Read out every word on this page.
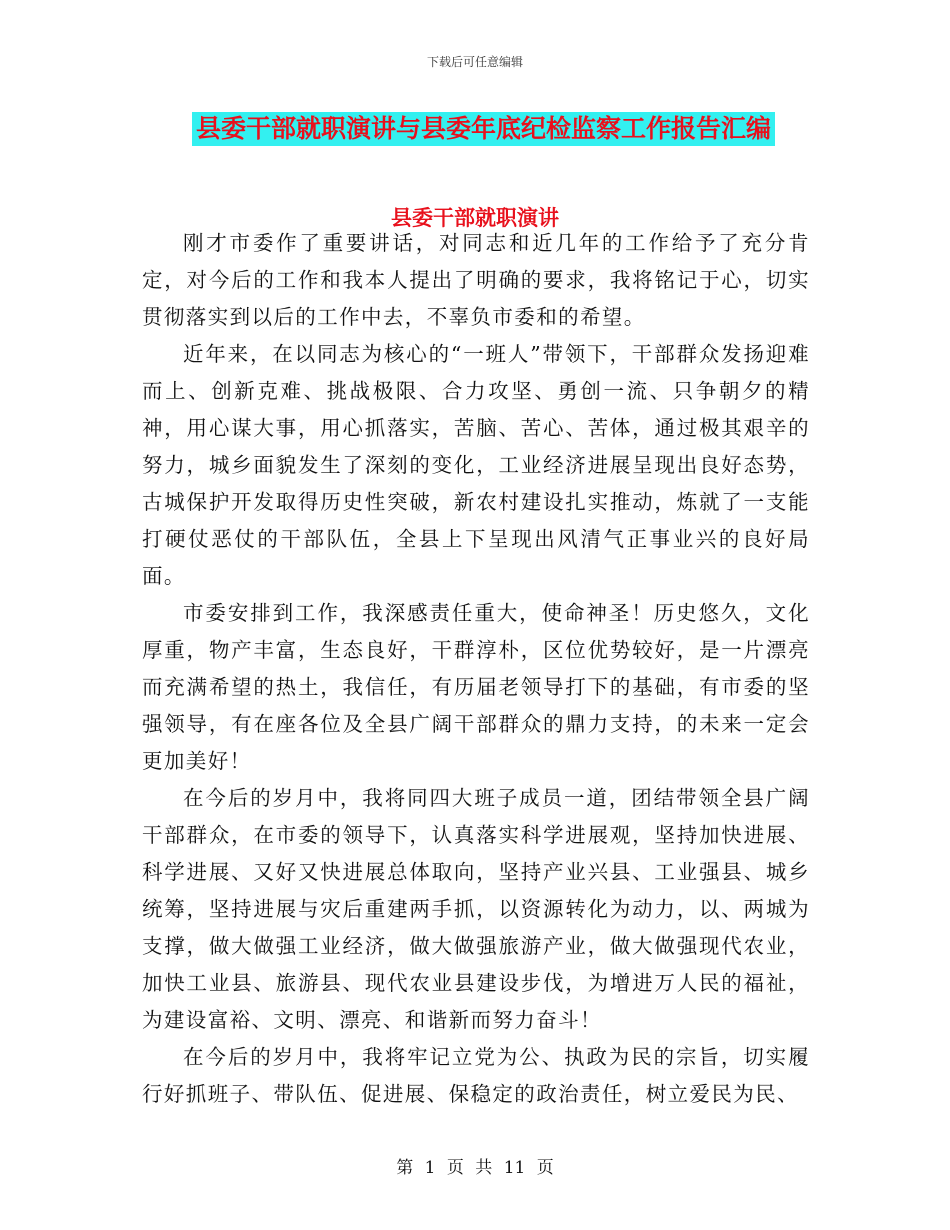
下载后可任意编辑
县委干部就职演讲与县委年底纪检监察工作报告汇编
县委干部就职演讲

刚才市委作了重要讲话，对同志和近几年的工作给予了充分肯定，对今后的工作和我本人提出了明确的要求，我将铭记于心，切实贯彻落实到以后的工作中去，不辜负市委和的希望。

近年来，在以同志为核心的“一班人”带领下，干部群众发扬迎难而上、创新克难、挑战极限、合力攻坚、勇创一流、只争朝夕的精神，用心谋大事，用心抓落实，苦脑、苦心、苦体，通过极其艰辛的努力，城乡面貌发生了深刻的变化，工业经济进展呈现出良好态势，古城保护开发取得历史性突破，新农村建设扎实推动，炼就了一支能打硬仗恶仗的干部队伍，全县上下呈现出风清气正事业兴的良好局面。

市委安排到工作，我深感责任重大，使命神圣！历史悠久，文化厚重，物产丰富，生态良好，干群淳朴，区位优势较好，是一片漂亮而充满希望的热土，我信任，有历届老领导打下的基础，有市委的坚强领导，有在座各位及全县广阔干部群众的鼎力支持，的未来一定会更加美好！

在今后的岁月中，我将同四大班子成员一道，团结带领全县广阔干部群众，在市委的领导下，认真落实科学进展观，坚持加快进展、科学进展、又好又快进展总体取向，坚持产业兴县、工业强县、城乡统筹，坚持进展与灾后重建两手抓，以资源转化为动力，以、两城为支撑，做大做强工业经济，做大做强旅游产业，做大做强现代农业，加快工业县、旅游县、现代农业县建设步伐，为增进万人民的福祉，为建设富裕、文明、漂亮、和谐新而努力奋斗！

在今后的岁月中，我将牢记立党为公、执政为民的宗旨，切实履行好抓班子、带队伍、促进展、保稳定的政治责任，树立爱民为民、

第 1 页 共 11 页
